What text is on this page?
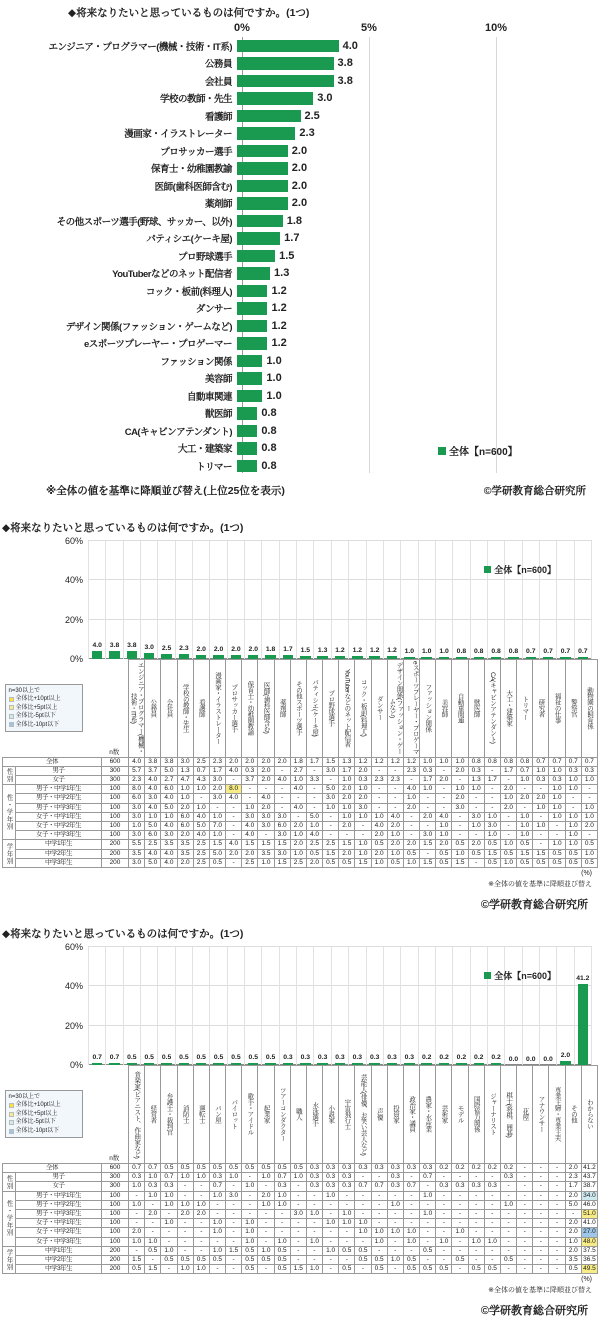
◆将来なりたいと思っているものは何ですか。(1つ)
0%	5%	10%
エンジニア・プログラマー(機械・技術・IT系)	4.0
公務員	3.8
会社員	3.8
学校の教師・先生	3.0
看護師	2.5
漫画家・イラストレーター	2.3
プロサッカー選手	2.0
保育士・幼稚園教諭	2.0
医師(歯科医師含む)	2.0
薬剤師	2.0
その他スポーツ選手(野球、サッカー、以外)	1.8
パティシエ(ケーキ屋)	1.7
プロ野球選手	1.5
YouTuberなどのネット配信者	1.3
コック・板前(料理人)	1.2
ダンサー	1.2
デザイン関係(ファッション・ゲームなど)	1.2
eスポーツプレーヤー・プロゲーマー	1.2
ファッション関係	1.0
美容師	1.0
自動車関連	1.0
獣医師	0.8
CA(キャビンアテンダント)	0.8
大工・建築家	0.8
トリマー	0.8
全体【n=600】
※全体の値を基準に降順並び替え(上位25位を表示)	©学研教育総合研究所
◆将来なりたいと思っているものは何ですか。(1つ)
60%
40%
20%
0%
4.0	3.8	3.8	3.0	2.5	2.3	2.0	2.0	2.0	2.0	1.8	1.7	1.5	1.3	1.2	1.2	1.2	1.2	1.0	1.0	1.0	0.8	0.8	0.8	0.8	0.7	0.7	0.7	0.7
全体【n=600】
n=30以上で
全体比+10pt以上
全体比+5pt以上
全体比-5pt以下
全体比-10pt以下		n数	エンジニア・プログラマー(機械・技術・IT系)	公務員	会社員	学校の教師・先生	看護師	漫画家・イラストレーター	プロサッカー選手	保育士・幼稚園教諭	医師(歯科医師含む)	薬剤師	その他スポーツ選手	パティシエ(ケーキ屋)	プロ野球選手	YouTuberなどのネット配信者	コック・板前(料理人)	ダンサー	デザイン関係(ファッション・ゲームなど)	eスポーツプレーヤー・プロゲーマー	ファッション関係	美容師	自動車関連	獣医師	CA(キャビンアテンダント)	大工・建築家	トリマー	研究者	福祉の仕事	警察官	動物園の飼育係

全体		600	4.0	3.8	3.8	3.0	2.5	2.3	2.0	2.0	2.0	2.0	1.8	1.7	1.5	1.3	1.2	1.2	1.2	1.2	1.0	1.0	1.0	0.8	0.8	0.8	0.8	0.7	0.7	0.7	0.7

性別	男子	300	5.7	3.7	5.0	1.3	0.7	1.7	4.0	0.3	2.0	-	2.7	-	3.0	1.7	2.0	-	-	2.3	0.3	-	2.0	0.3	-	1.7	0.7	1.0	1.0	0.3	0.3
	女子	300	2.3	4.0	2.7	4.7	4.3	3.0	-	3.7	2.0	4.0	1.0	3.3	-	1.0	0.3	2.3	2.3	-	1.7	2.0	-	1.3	1.7	-	1.0	0.3	0.3	1.0	1.0

性・学年別	男子・中学1年生	100	8.0	4.0	6.0	1.0	1.0	2.0	8.0	-	-	-	4.0	-	5.0	2.0	1.0	-	-	4.0	1.0	-	1.0	1.0	-	2.0	-	-	1.0	1.0	-
	男子・中学2年生	100	6.0	3.0	4.0	1.0	-	3.0	4.0	-	4.0	-	-	-	3.0	2.0	2.0	-	-	1.0	-	-	2.0	-	-	1.0	2.0	2.0	1.0	-	-
	男子・中学3年生	100	3.0	4.0	5.0	2.0	1.0	-	-	1.0	2.0	-	4.0	-	1.0	1.0	3.0	-	-	2.0	-	-	3.0	-	-	2.0	-	1.0	1.0	-	1.0
	女子・中学1年生	100	3.0	1.0	1.0	6.0	4.0	1.0	-	3.0	3.0	3.0	-	5.0	-	1.0	1.0	1.0	4.0	-	2.0	4.0	-	3.0	1.0	-	1.0	-	1.0	1.0	1.0
	女子・中学2年生	100	1.0	5.0	4.0	6.0	5.0	7.0	-	4.0	3.0	6.0	2.0	1.0	-	2.0	-	4.0	2.0	-	-	1.0	-	1.0	3.0	-	1.0	1.0	-	1.0	2.0
	女子・中学3年生	100	3.0	6.0	3.0	2.0	4.0	1.0	-	4.0	-	3.0	1.0	4.0	-	-	-	2.0	1.0	-	3.0	1.0	-	-	1.0	-	1.0	-	-	1.0	-

学年別	中学1年生	200	5.5	2.5	3.5	3.5	2.5	1.5	4.0	1.5	1.5	1.5	2.0	2.5	2.5	1.5	1.0	0.5	2.0	2.0	1.5	2.0	0.5	2.0	0.5	1.0	0.5	-	1.0	1.0	0.5
	中学2年生	200	3.5	4.0	4.0	3.5	2.5	5.0	2.0	2.0	3.5	3.0	1.0	0.5	1.5	2.0	1.0	2.0	1.0	0.5	-	0.5	1.0	0.5	1.5	0.5	1.5	1.5	0.5	0.5	1.0
	中学3年生	200	3.0	5.0	4.0	2.0	2.5	0.5	-	2.5	1.0	1.5	2.5	2.0	0.5	0.5	1.5	1.0	0.5	1.0	1.5	0.5	1.5	-	0.5	1.0	0.5	0.5	0.5	0.5	0.5
(%)
※全体の値を基準に降順並び替え
©学研教育総合研究所
◆将来なりたいと思っているものは何ですか。(1つ)
60%
40%
20%
0%
0.7	0.7	0.5	0.5	0.5	0.5	0.5	0.5	0.5	0.5	0.5	0.3	0.3	0.3	0.3	0.3	0.3	0.3	0.3	0.2	0.2	0.2	0.2	0.2	0.0	0.0	0.0
2.0
41.2
全体【n=600】
n=30以上で
全体比+10pt以上
全体比+5pt以上
全体比-5pt以下
全体比-10pt以下		n数	音楽家(ピアニスト、作曲家など)	経営者	弁護士・裁判官	消防士	運転士	パン屋	パイロット	歌手・アイドル	起業家	ツアーコンダクター	職人	水泳選手	小説家	宇宙飛行士	芸能人(俳優、お笑い芸人など)	声優	投資家	政治家・議員	農家・水産業	芸術家	モデル	国際協力関係	ジャーナリスト	棋士(将棋、囲碁)	花屋	アナウンサー	専業主婦・専業主夫	その他	わからない

全体		600	0.7	0.7	0.5	0.5	0.5	0.5	0.5	0.5	0.5	0.5	0.5	0.3	0.3	0.3	0.3	0.3	0.3	0.3	0.3	0.2	0.2	0.2	0.2	0.2	-	-	-	2.0	41.2

性別	男子	300	0.3	1.0	0.7	1.0	1.0	0.3	1.0	-	1.0	0.7	1.0	0.3	0.3	0.3	-	-	0.3	-	0.7	-	-	-	-	0.3	-	-	-	2.3	43.7
	女子	300	1.0	0.3	0.3	-	-	0.7	-	1.0	-	0.3	-	0.3	0.3	0.3	0.7	0.7	0.3	0.7	-	0.3	0.3	0.3	0.3	-	-	-	-	1.7	38.7

性・学年別	男子・中学1年生	100	-	1.0	1.0	-	-	1.0	3.0	-	2.0	1.0	-	-	1.0	-	-	-	-	-	1.0	-	-	-	-	-	-	-	-	2.0	34.0
	男子・中学2年生	100	1.0	-	1.0	1.0	1.0	-	-	-	1.0	1.0	-	-	-	-	-	-	1.0	-	-	-	-	-	-	1.0	-	-	-	5.0	46.0
	男子・中学3年生	100	-	2.0	-	2.0	2.0	-	-	-	-	-	3.0	1.0	-	1.0	-	-	-	-	1.0	-	-	-	-	-	-	-	-	-	51.0
	女子・中学1年生	100	-	-	1.0	-	-	1.0	-	1.0	-	-	-	-	1.0	1.0	1.0	-	-	-	-	-	-	-	-	-	-	-	-	2.0	41.0
	女子・中学2年生	100	2.0	-	-	-	-	1.0	-	1.0	-	-	-	-	-	-	1.0	1.0	1.0	1.0	-	-	1.0	-	-	-	-	-	-	2.0	27.0
	女子・中学3年生	100	1.0	1.0	-	-	-	-	-	1.0	-	1.0	-	1.0	-	-	-	1.0	-	1.0	-	1.0	-	1.0	1.0	-	-	-	-	1.0	48.0

学年別	中学1年生	200	-	0.5	1.0	-	-	1.0	1.5	0.5	1.0	0.5	-	-	1.0	0.5	0.5	-	-	-	0.5	-	-	-	-	-	-	-	-	2.0	37.5
	中学2年生	200	1.5	-	0.5	0.5	0.5	0.5	-	0.5	0.5	0.5	-	-	-	-	0.5	0.5	1.0	0.5	-	-	0.5	-	-	0.5	-	-	-	3.5	36.5
	中学3年生	200	0.5	1.5	-	1.0	1.0	-	-	0.5	-	0.5	1.5	1.0	-	0.5	-	0.5	-	0.5	0.5	0.5	-	0.5	0.5	-	-	-	-	0.5	49.5
(%)
※全体の値を基準に降順並び替え
©学研教育総合研究所
